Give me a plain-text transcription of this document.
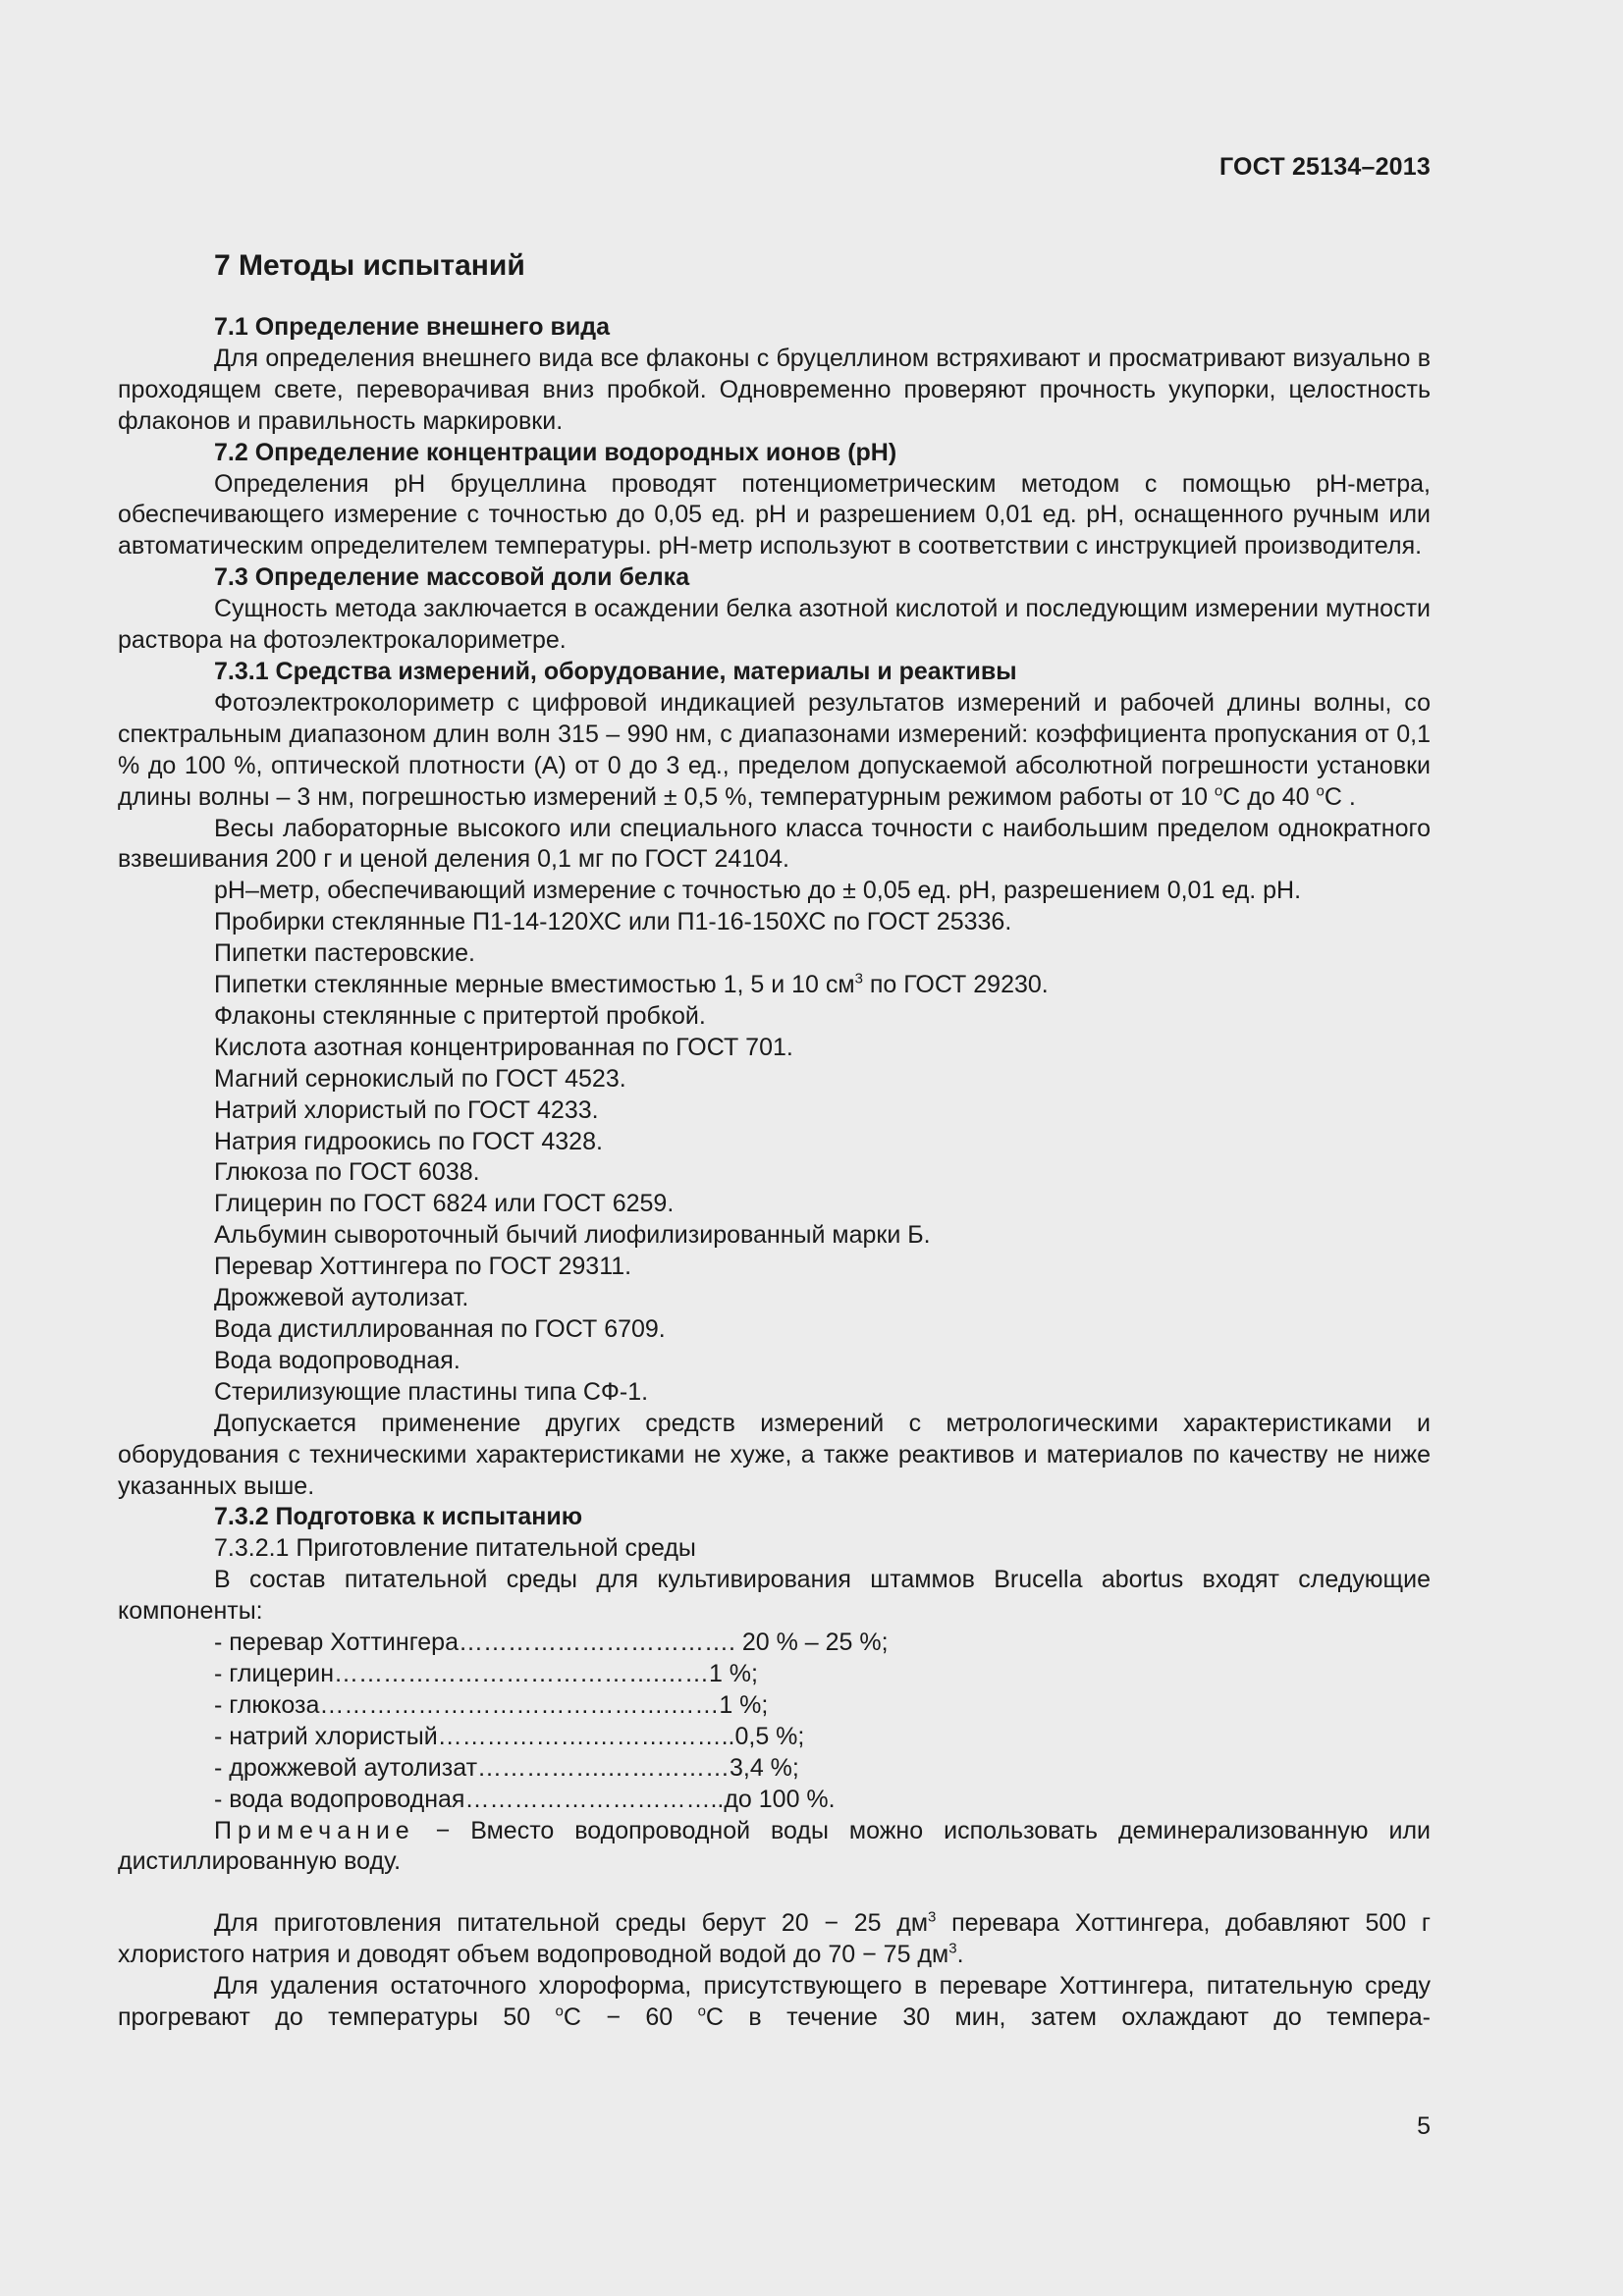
ГОСТ 25134–2013
7 Методы испытаний

7.1 Определение внешнего вида

Для определения внешнего вида все флаконы с бруцеллином встряхивают и просматривают визуально в проходящем свете, переворачивая вниз пробкой. Одновременно проверяют прочность укупорки, целостность флаконов и правильность маркировки.

7.2 Определение концентрации водородных ионов (pH)

Определения pH бруцеллина проводят потенциометрическим методом с помощью pH-метра, обеспечивающего измерение с точностью до 0,05 ед. pH и разрешением 0,01 ед. pH, оснащенного ручным или автоматическим определителем температуры. pH-метр используют в соответствии с инструкцией производителя.

7.3 Определение массовой доли белка

Сущность метода заключается в осаждении белка азотной кислотой и последующим измерении мутности раствора на фотоэлектрокалориметре.

7.3.1 Средства измерений, оборудование, материалы и реактивы

Фотоэлектроколориметр с цифровой индикацией результатов измерений и рабочей длины волны, со спектральным диапазоном длин волн 315 – 990 нм, с диапазонами измерений: коэффициента пропускания от 0,1 % до 100 %, оптической плотности (А) от 0 до 3 ед., пределом допускаемой абсолютной погрешности установки длины волны – 3 нм, погрешностью измерений ± 0,5 %, температурным режимом работы от 10 $^о$С до 40 $^о$С .

Весы лабораторные высокого или специального класса точности с наибольшим пределом однократного взвешивания 200 г и ценой деления 0,1 мг по ГОСТ 24104.

pH–метр, обеспечивающий измерение с точностью до ± 0,05 ед. pH, разрешением 0,01 ед. pH.

Пробирки стеклянные П1-14-120ХС или П1-16-150ХС по ГОСТ 25336.

Пипетки пастеровские.

Пипетки стеклянные мерные вместимостью 1, 5 и 10 $см^3$ по ГОСТ 29230.

Флаконы стеклянные с притертой пробкой.

Кислота азотная концентрированная по ГОСТ 701.

Магний сернокислый по ГОСТ 4523.

Натрий хлористый по ГОСТ 4233.

Натрия гидроокись по ГОСТ 4328.

Глюкоза по ГОСТ 6038.

Глицерин по ГОСТ 6824 или ГОСТ 6259.

Альбумин сывороточный бычий лиофилизированный марки Б.

Перевар Хоттингера по ГОСТ 29311.

Дрожжевой аутолизат.

Вода дистиллированная по ГОСТ 6709.

Вода водопроводная.

Стерилизующие пластины типа СФ-1.

Допускается применение других средств измерений с метрологическими характеристиками и оборудования с техническими характеристиками не хуже, а также реактивов и материалов по качеству не ниже указанных выше.

7.3.2 Подготовка к испытанию

7.3.2.1 Приготовление питательной среды

В состав питательной среды для культивирования штаммов Brucella abortus входят следующие компоненты:

- перевар Хоттингера……………………………. 20 % – 25 %;

- глицерин………………………………….……1 %;

- глюкоза…………………………………….……1 %;

- натрий хлористый……………….……….……..0,5 %;

- дрожжевой аутолизат…………….……………3,4 %;

- вода водопроводная…………………………..до 100 %.

Примечание − Вместо водопроводной воды можно использовать деминерализованную или дистиллированную воду.

Для приготовления питательной среды берут 20 − 25 $дм^3$ перевара Хоттингера, добавляют 500 г хлористого натрия и доводят объем водопроводной водой до 70 − 75 $дм^3$.

Для удаления остаточного хлороформа, присутствующего в переваре Хоттингера, питательную среду прогревают до температуры 50 $^о$С − 60 $^о$С в течение 30 мин, затем охлаждают до темпера-

5
